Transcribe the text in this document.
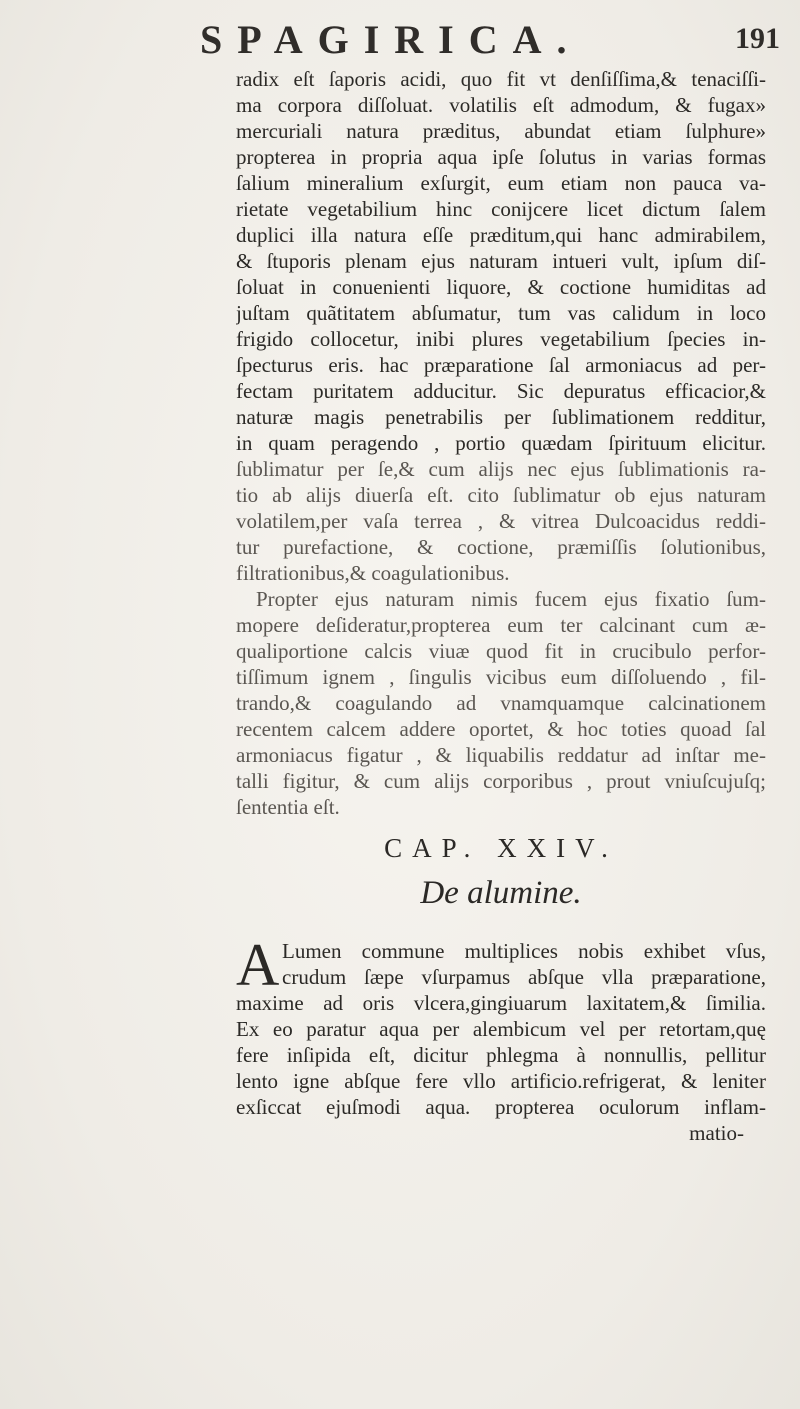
SPAGIRICA.	191
radix eſt ſaporis acidi, quo fit vt denſiſſima,& tenaciſſi-
ma corpora diſſoluat. volatilis eſt admodum, & fugax»
mercuriali natura præditus, abundat etiam ſulphure»
propterea in propria aqua ipſe ſolutus in varias formas
ſalium mineralium exſurgit, eum etiam non pauca va-
rietate vegetabilium hinc conijcere licet dictum ſalem
duplici illa natura eſſe præditum,qui hanc admirabilem,
& ſtuporis plenam ejus naturam intueri vult, ipſum diſ-
ſoluat in conuenienti liquore, & coctione humiditas ad
juſtam quãtitatem abſumatur, tum vas calidum in loco
frigido collocetur, inibi plures vegetabilium ſpecies in-
ſpecturus eris. hac præparatione ſal armoniacus ad per-
fectam puritatem adducitur. Sic depuratus efficacior,&
naturæ magis penetrabilis per ſublimationem redditur,
in quam peragendo , portio quædam ſpirituum elicitur.
ſublimatur per ſe,& cum alijs nec ejus ſublimationis ra-
tio ab alijs diuerſa eſt. cito ſublimatur ob ejus naturam
volatilem,per vaſa terrea , & vitrea Dulcoacidus reddi-
tur purefactione, & coctione, præmiſſis ſolutionibus,
filtrationibus,& coagulationibus.
Propter ejus naturam nimis fucem ejus fixatio ſum-
mopere deſideratur,propterea eum ter calcinant cum æ-
qualiportione calcis viuæ quod fit in crucibulo perfor-
tiſſimum ignem , ſingulis vicibus eum diſſoluendo , fil-
trando,& coagulando ad vnamquamque calcinationem
recentem calcem addere oportet, & hoc toties quoad ſal
armoniacus figatur , & liquabilis reddatur ad inſtar me-
talli figitur, & cum alijs corporibus , prout vniuſcujuſq;
ſententia eſt.
CAP. XXIV.
De alumine.
A Lumen commune multiplices nobis exhibet vſus,
crudum ſæpe vſurpamus abſque vlla præparatione,
maxime ad oris vlcera,gingiuarum laxitatem,& ſimilia.
Ex eo paratur aqua per alembicum vel per retortam,quę
fere inſipida eſt, dicitur phlegma à nonnullis, pellitur
lento igne abſque fere vllo artificio.refrigerat, & leniter
exſiccat ejuſmodi aqua. propterea oculorum inflam-
matio-
